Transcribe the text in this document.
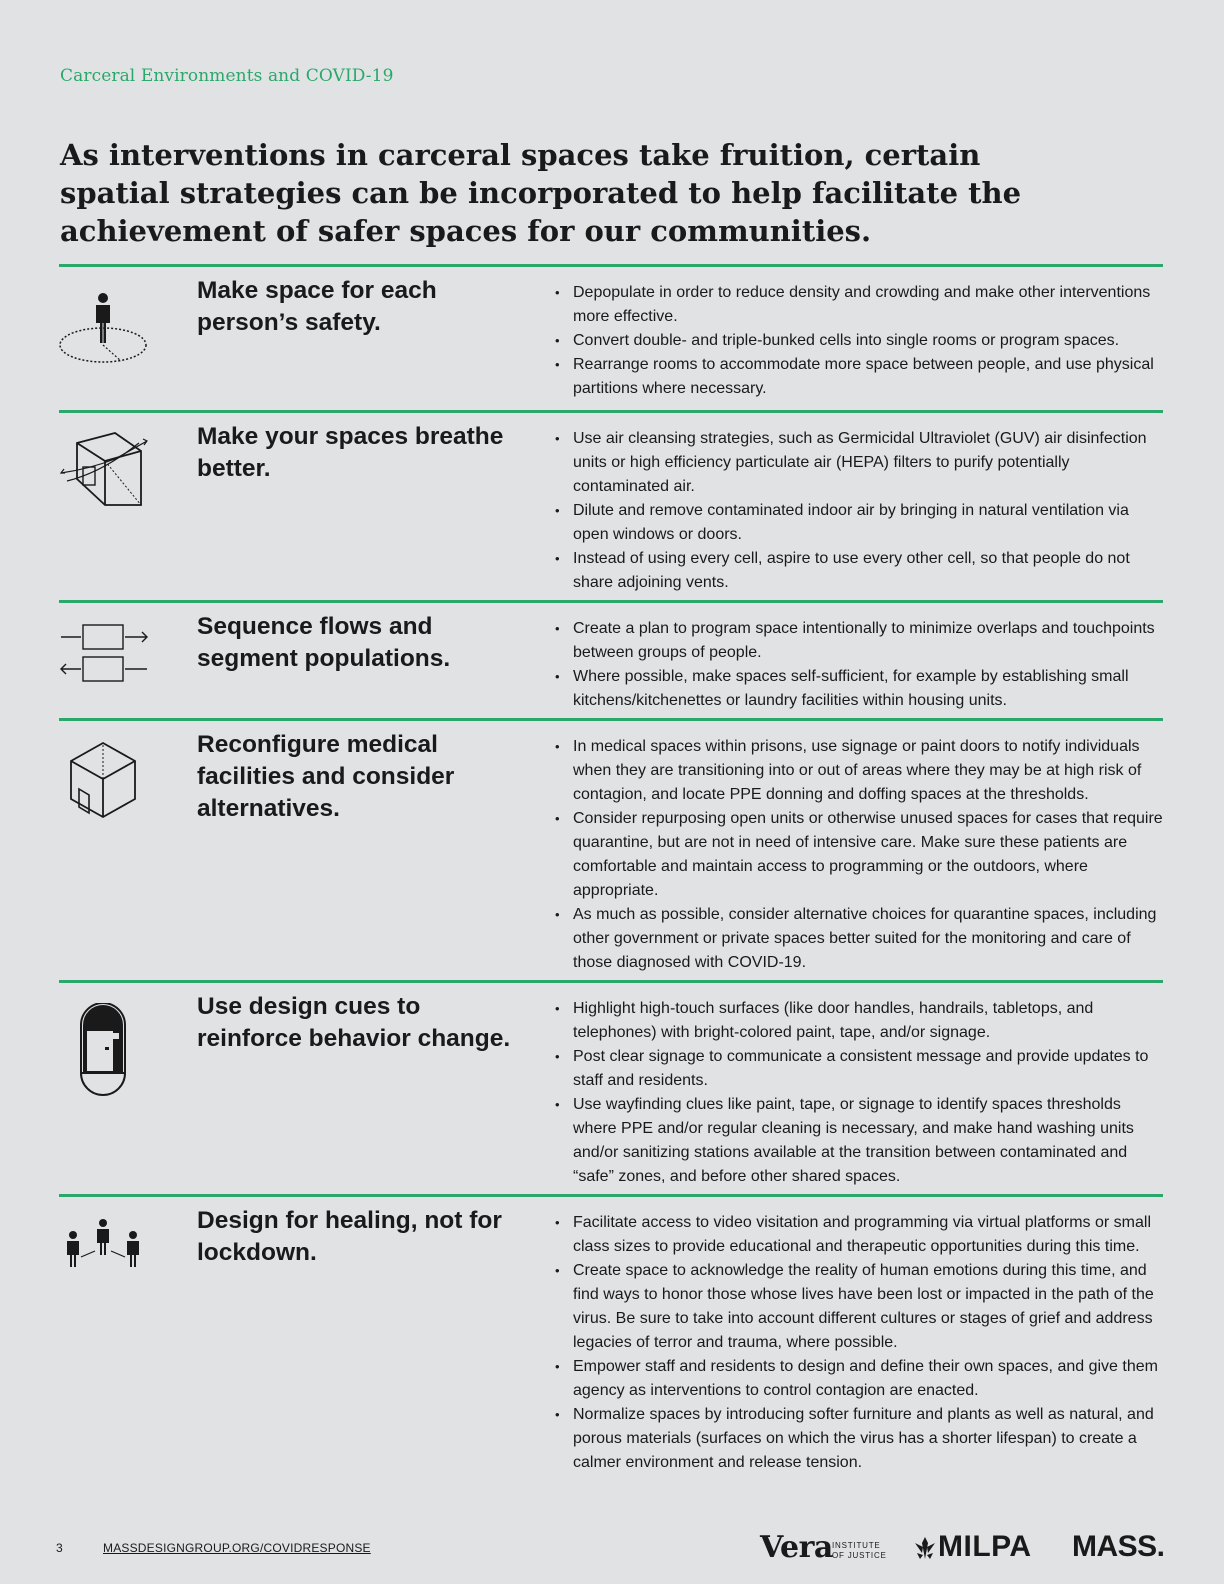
Carceral Environments and COVID-19
As interventions in carceral spaces take fruition, certain spatial strategies can be incorporated to help facilitate the achievement of safer spaces for our communities.
Make space for each person’s safety.
• Depopulate in order to reduce density and crowding and make other interventions more effective.
• Convert double- and triple-bunked cells into single rooms or program spaces.
• Rearrange rooms to accommodate more space between people, and use physical partitions where necessary.
Make your spaces breathe better.
• Use air cleansing strategies, such as Germicidal Ultraviolet (GUV) air disinfection units or high efficiency particulate air (HEPA) filters to purify potentially contaminated air.
• Dilute and remove contaminated indoor air by bringing in natural ventilation via open windows or doors.
• Instead of using every cell, aspire to use every other cell, so that people do not share adjoining vents.
Sequence flows and segment populations.
• Create a plan to program space intentionally to minimize overlaps and touchpoints between groups of people.
• Where possible, make spaces self-sufficient, for example by establishing small kitchens/kitchenettes or laundry facilities within housing units.
Reconfigure medical facilities and consider alternatives.
• In medical spaces within prisons, use signage or paint doors to notify individuals when they are transitioning into or out of areas where they may be at high risk of contagion, and locate PPE donning and doffing spaces at the thresholds.
• Consider repurposing open units or otherwise unused spaces for cases that require quarantine, but are not in need of intensive care. Make sure these patients are comfortable and maintain access to programming or the outdoors, where appropriate.
• As much as possible, consider alternative choices for quarantine spaces, including other government or private spaces better suited for the monitoring and care of those diagnosed with COVID-19.
Use design cues to reinforce behavior change.
• Highlight high-touch surfaces (like door handles, handrails, tabletops, and telephones) with bright-colored paint, tape, and/or signage.
• Post clear signage to communicate a consistent message and provide updates to staff and residents.
• Use wayfinding clues like paint, tape, or signage to identify spaces thresholds where PPE and/or regular cleaning is necessary, and make hand washing units and/or sanitizing stations available at the transition between contaminated and “safe” zones, and before other shared spaces.
Design for healing, not for lockdown.
• Facilitate access to video visitation and programming via virtual platforms or small class sizes to provide educational and therapeutic opportunities during this time.
• Create space to acknowledge the reality of human emotions during this time, and find ways to honor those whose lives have been lost or impacted in the path of the virus. Be sure to take into account different cultures or stages of grief and address legacies of terror and trauma, where possible.
• Empower staff and residents to design and define their own spaces, and give them agency as interventions to control contagion are enacted.
• Normalize spaces by introducing softer furniture and plants as well as natural, and porous materials (surfaces on which the virus has a shorter lifespan) to create a calmer environment and release tension.
3	MASSDESIGNGROUP.ORG/COVIDRESPONSE	Vera INSTITUTE
OF JUSTICE MILPA MASS.
